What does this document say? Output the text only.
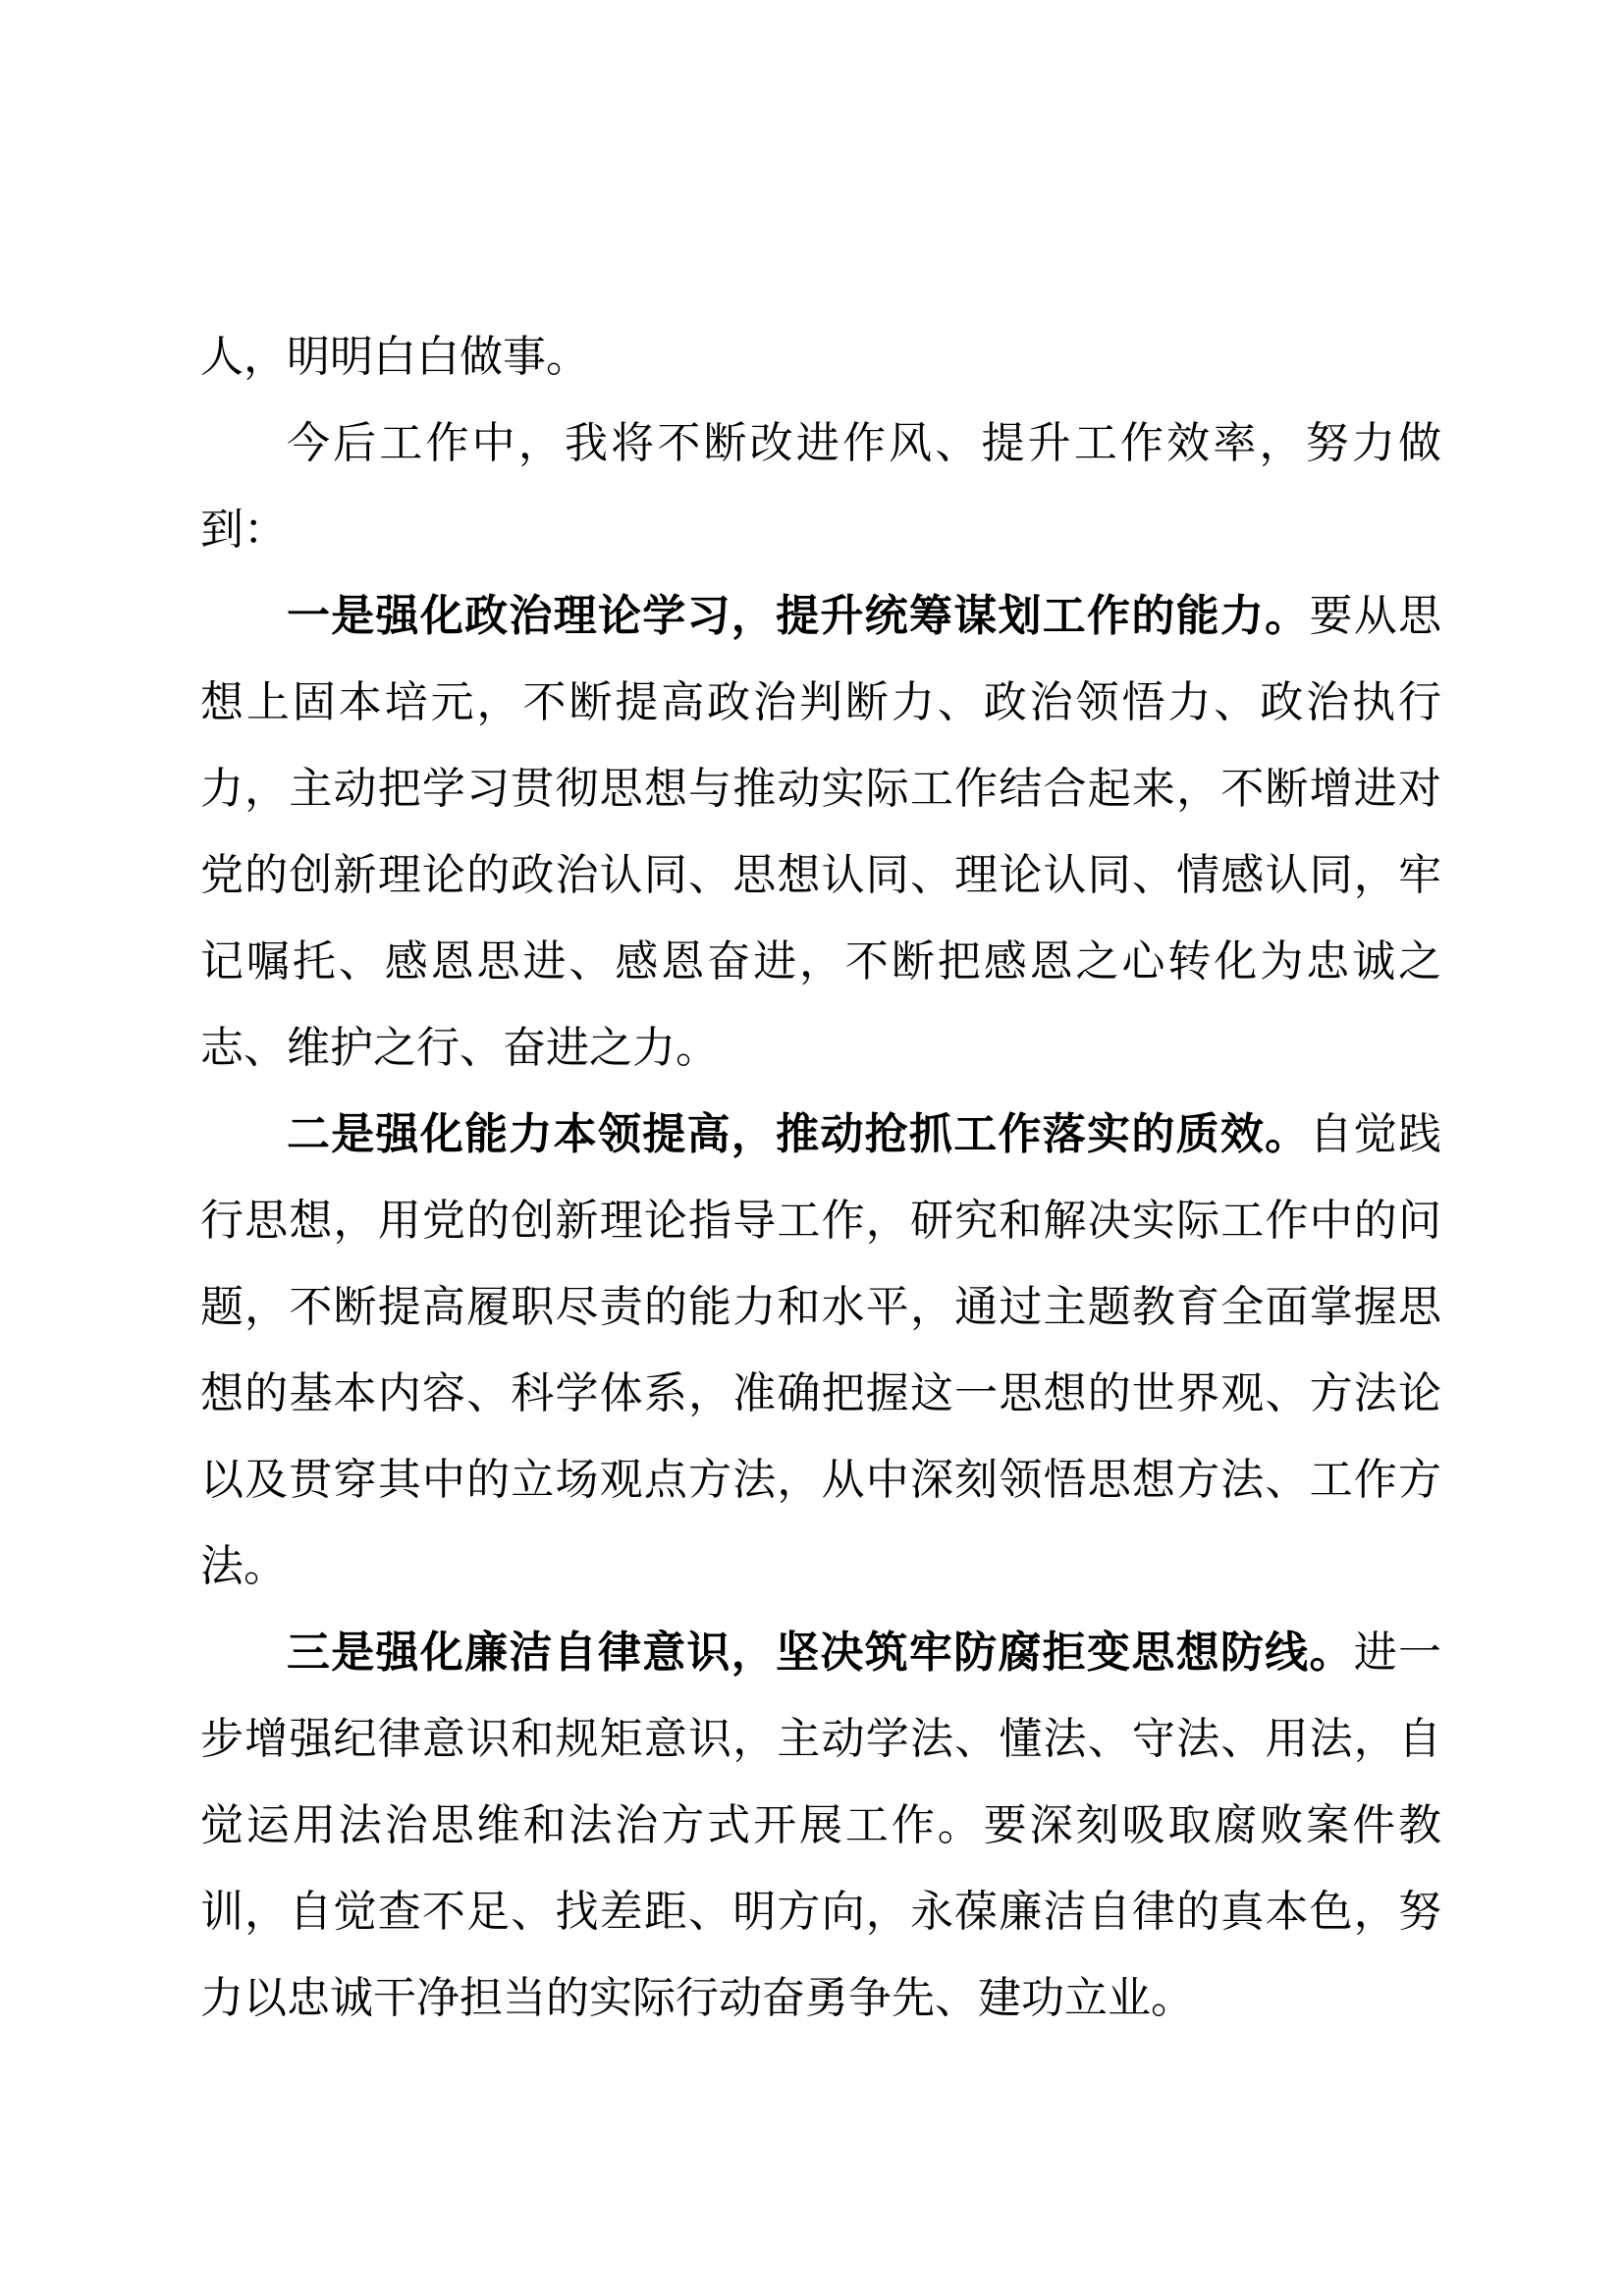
人，明明白白做事。

今后工作中，我将不断改进作风、提升工作效率，努力做到：

一是强化政治理论学习，提升统筹谋划工作的能力。要从思想上固本培元，不断提高政治判断力、政治领悟力、政治执行力，主动把学习贯彻思想与推动实际工作结合起来，不断增进对党的创新理论的政治认同、思想认同、理论认同、情感认同，牢记嘱托、感恩思进、感恩奋进，不断把感恩之心转化为忠诚之志、维护之行、奋进之力。

二是强化能力本领提高，推动抢抓工作落实的质效。自觉践行思想，用党的创新理论指导工作，研究和解决实际工作中的问题，不断提高履职尽责的能力和水平，通过主题教育全面掌握思想的基本内容、科学体系，准确把握这一思想的世界观、方法论以及贯穿其中的立场观点方法，从中深刻领悟思想方法、工作方法。

三是强化廉洁自律意识，坚决筑牢防腐拒变思想防线。进一步增强纪律意识和规矩意识，主动学法、懂法、守法、用法，自觉运用法治思维和法治方式开展工作。要深刻吸取腐败案件教训，自觉查不足、找差距、明方向，永葆廉洁自律的真本色，努力以忠诚干净担当的实际行动奋勇争先、建功立业。
